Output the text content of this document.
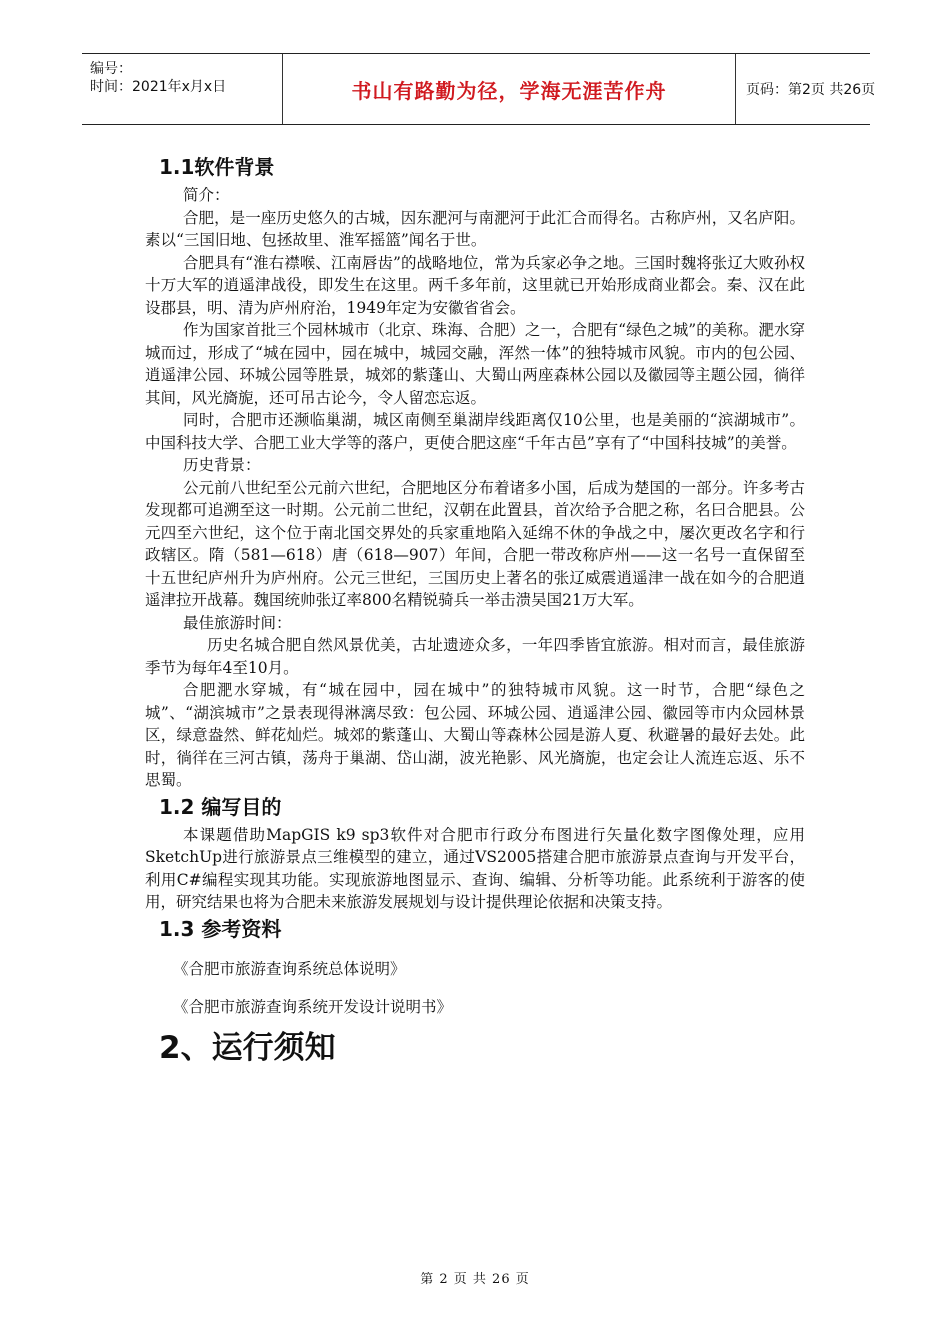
编号：
时间：2021年x月x日	书山有路勤为径，学海无涯苦作舟	页码：第2页 共26页
1.1软件背景

简介：

合肥，是一座历史悠久的古城，因东淝河与南淝河于此汇合而得名。古称庐州，又名庐阳。素以“三国旧地、包拯故里、淮军摇篮”闻名于世。

合肥具有“淮右襟喉、江南唇齿”的战略地位，常为兵家必争之地。三国时魏将张辽大败孙权十万大军的逍遥津战役，即发生在这里。两千多年前，这里就已开始形成商业都会。秦、汉在此设郡县，明、清为庐州府治，1949年定为安徽省省会。

作为国家首批三个园林城市（北京、珠海、合肥）之一，合肥有“绿色之城”的美称。淝水穿城而过，形成了“城在园中，园在城中，城园交融，浑然一体”的独特城市风貌。市内的包公园、逍遥津公园、环城公园等胜景，城郊的紫蓬山、大蜀山两座森林公园以及徽园等主题公园，徜徉其间，风光旖旎，还可吊古论今，令人留恋忘返。

同时，合肥市还濒临巢湖，城区南侧至巢湖岸线距离仅10公里，也是美丽的“滨湖城市”。中国科技大学、合肥工业大学等的落户，更使合肥这座“千年古邑”享有了“中国科技城”的美誉。

历史背景：

公元前八世纪至公元前六世纪，合肥地区分布着诸多小国，后成为楚国的一部分。许多考古发现都可追溯至这一时期。公元前二世纪，汉朝在此置县，首次给予合肥之称，名曰合肥县。公元四至六世纪，这个位于南北国交界处的兵家重地陷入延绵不休的争战之中，屡次更改名字和行政辖区。隋（581—618）唐（618—907）年间，合肥一带改称庐州——这一名号一直保留至十五世纪庐州升为庐州府。公元三世纪，三国历史上著名的张辽威震逍遥津一战在如今的合肥逍遥津拉开战幕。魏国统帅张辽率800名精锐骑兵一举击溃吴国21万大军。

最佳旅游时间：

历史名城合肥自然风景优美，古址遗迹众多，一年四季皆宜旅游。相对而言，最佳旅游季节为每年4至10月。

合肥淝水穿城，有“城在园中，园在城中”的独特城市风貌。这一时节，合肥“绿色之城”、“湖滨城市”之景表现得淋漓尽致：包公园、环城公园、逍遥津公园、徽园等市内众园林景区，绿意盎然、鲜花灿烂。城郊的紫蓬山、大蜀山等森林公园是游人夏、秋避暑的最好去处。此时，徜徉在三河古镇，荡舟于巢湖、岱山湖，波光艳影、风光旖旎，也定会让人流连忘返、乐不思蜀。

1.2 编写目的

本课题借助MapGIS k9 sp3软件对合肥市行政分布图进行矢量化数字图像处理，应用SketchUp进行旅游景点三维模型的建立，通过VS2005搭建合肥市旅游景点查询与开发平台，利用C#编程实现其功能。实现旅游地图显示、查询、编辑、分析等功能。此系统利于游客的使用，研究结果也将为合肥未来旅游发展规划与设计提供理论依据和决策支持。

1.3 参考资料

《合肥市旅游查询系统总体说明》

《合肥市旅游查询系统开发设计说明书》

2、运行须知
第 2 页 共 26 页
